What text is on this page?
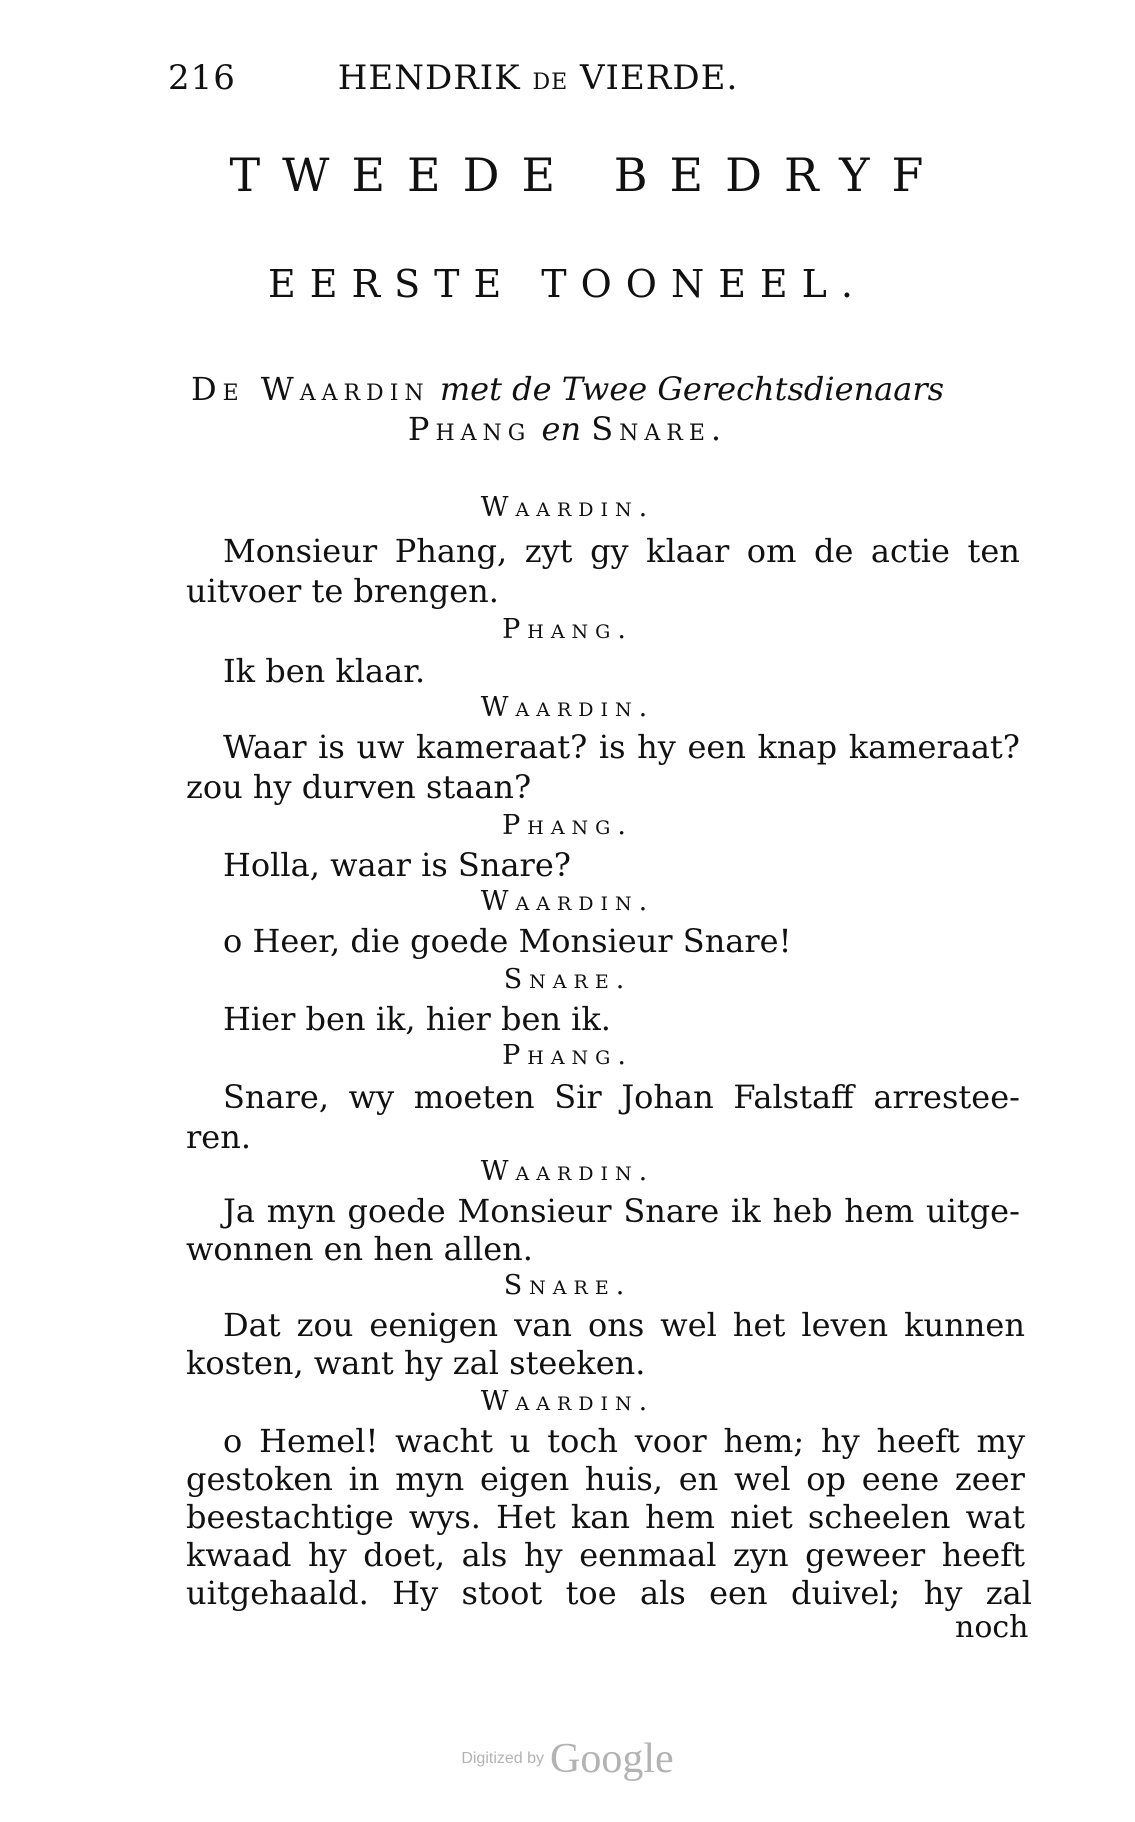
216	HENDRIK DE VIERDE.
TWEEDE BEDRYF
EERSTE TOONEEL.
De Waardin met de Twee Gerechtsdienaars
Phang en Snare.
Waardin.
Monsieur Phang, zyt gy klaar om de actie ten
uitvoer te brengen.
Phang.
Ik ben klaar.
Waardin.
Waar is uw kameraat? is hy een knap kameraat?
zou hy durven staan?
Phang.
Holla, waar is Snare?
Waardin.
o Heer, die goede Monsieur Snare!
Snare.
Hier ben ik, hier ben ik.
Phang.
Snare, wy moeten Sir Johan Falstaff arrestee-
ren.
Waardin.
Ja myn goede Monsieur Snare ik heb hem uitge-
wonnen en hen allen.
Snare.
Dat zou eenigen van ons wel het leven kunnen
kosten, want hy zal steeken.
Waardin.
o Hemel! wacht u toch voor hem; hy heeft my
gestoken in myn eigen huis, en wel op eene zeer
beestachtige wys. Het kan hem niet scheelen wat
kwaad hy doet, als hy eenmaal zyn geweer heeft
uitgehaald. Hy stoot toe als een duivel; hy zal
noch
Digitized by Google
